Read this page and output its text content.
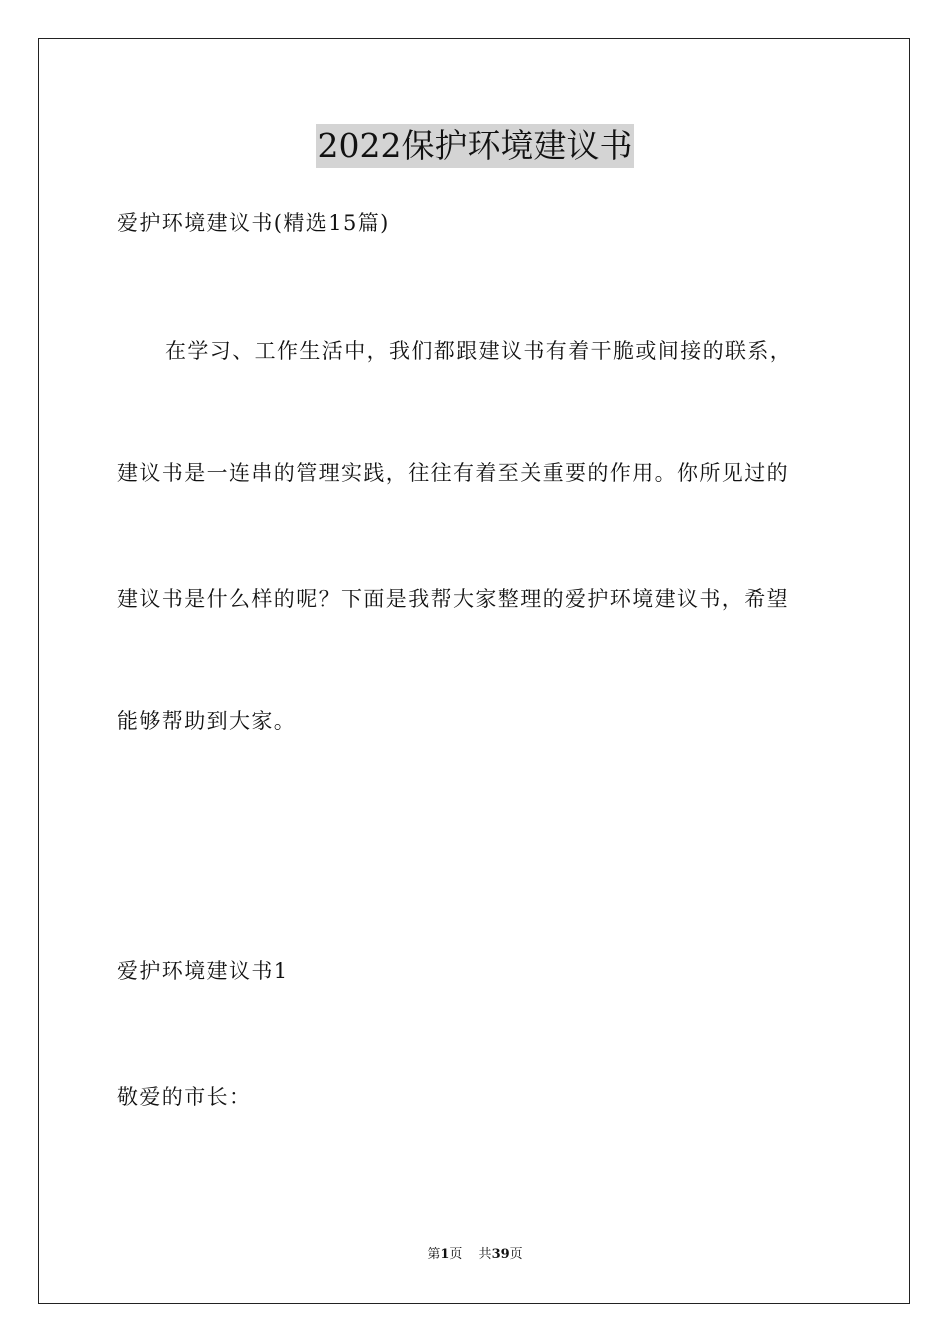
2022保护环境建议书
爱护环境建议书(精选15篇)
在学习、工作生活中，我们都跟建议书有着干脆或间接的联系，
建议书是一连串的管理实践，往往有着至关重要的作用。你所见过的
建议书是什么样的呢？下面是我帮大家整理的爱护环境建议书，希望
能够帮助到大家。
爱护环境建议书1
敬爱的市长：
第1页 共39页
